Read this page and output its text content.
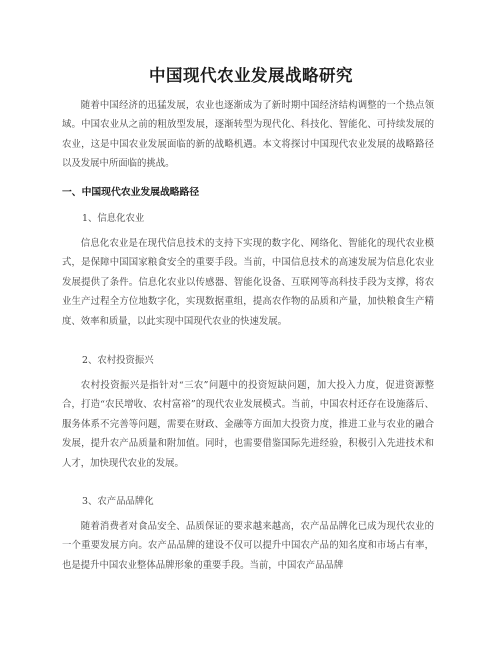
中国现代农业发展战略研究

随着中国经济的迅猛发展，农业也逐渐成为了新时期中国经济结构调整的一个热点领域。中国农业从之前的粗放型发展，逐渐转型为现代化、科技化、智能化、可持续发展的农业，这是中国农业发展面临的新的战略机遇。本文将探讨中国现代农业发展的战略路径以及发展中所面临的挑战。

一、中国现代农业发展战略路径
1、信息化农业

信息化农业是在现代信息技术的支持下实现的数字化、网络化、智能化的现代农业模式，是保障中国国家粮食安全的重要手段。当前，中国信息技术的高速发展为信息化农业发展提供了条件。信息化农业以传感器、智能化设备、互联网等高科技手段为支撑，将农业生产过程全方位地数字化，实现数据重组，提高农作物的品质和产量，加快粮食生产精度、效率和质量，以此实现中国现代农业的快速发展。

2、农村投资振兴

农村投资振兴是指针对“三农”问题中的投资短缺问题，加大投入力度，促进资源整合，打造“农民增收、农村富裕”的现代农业发展模式。当前，中国农村还存在设施落后、服务体系不完善等问题，需要在财政、金融等方面加大投资力度，推进工业与农业的融合发展，提升农产品质量和附加值。同时，也需要借鉴国际先进经验，积极引入先进技术和人才，加快现代农业的发展。

3、农产品品牌化

随着消费者对食品安全、品质保证的要求越来越高，农产品品牌化已成为现代农业的一个重要发展方向。农产品品牌的建设不仅可以提升中国农产品的知名度和市场占有率，也是提升中国农业整体品牌形象的重要手段。当前，中国农产品品牌
